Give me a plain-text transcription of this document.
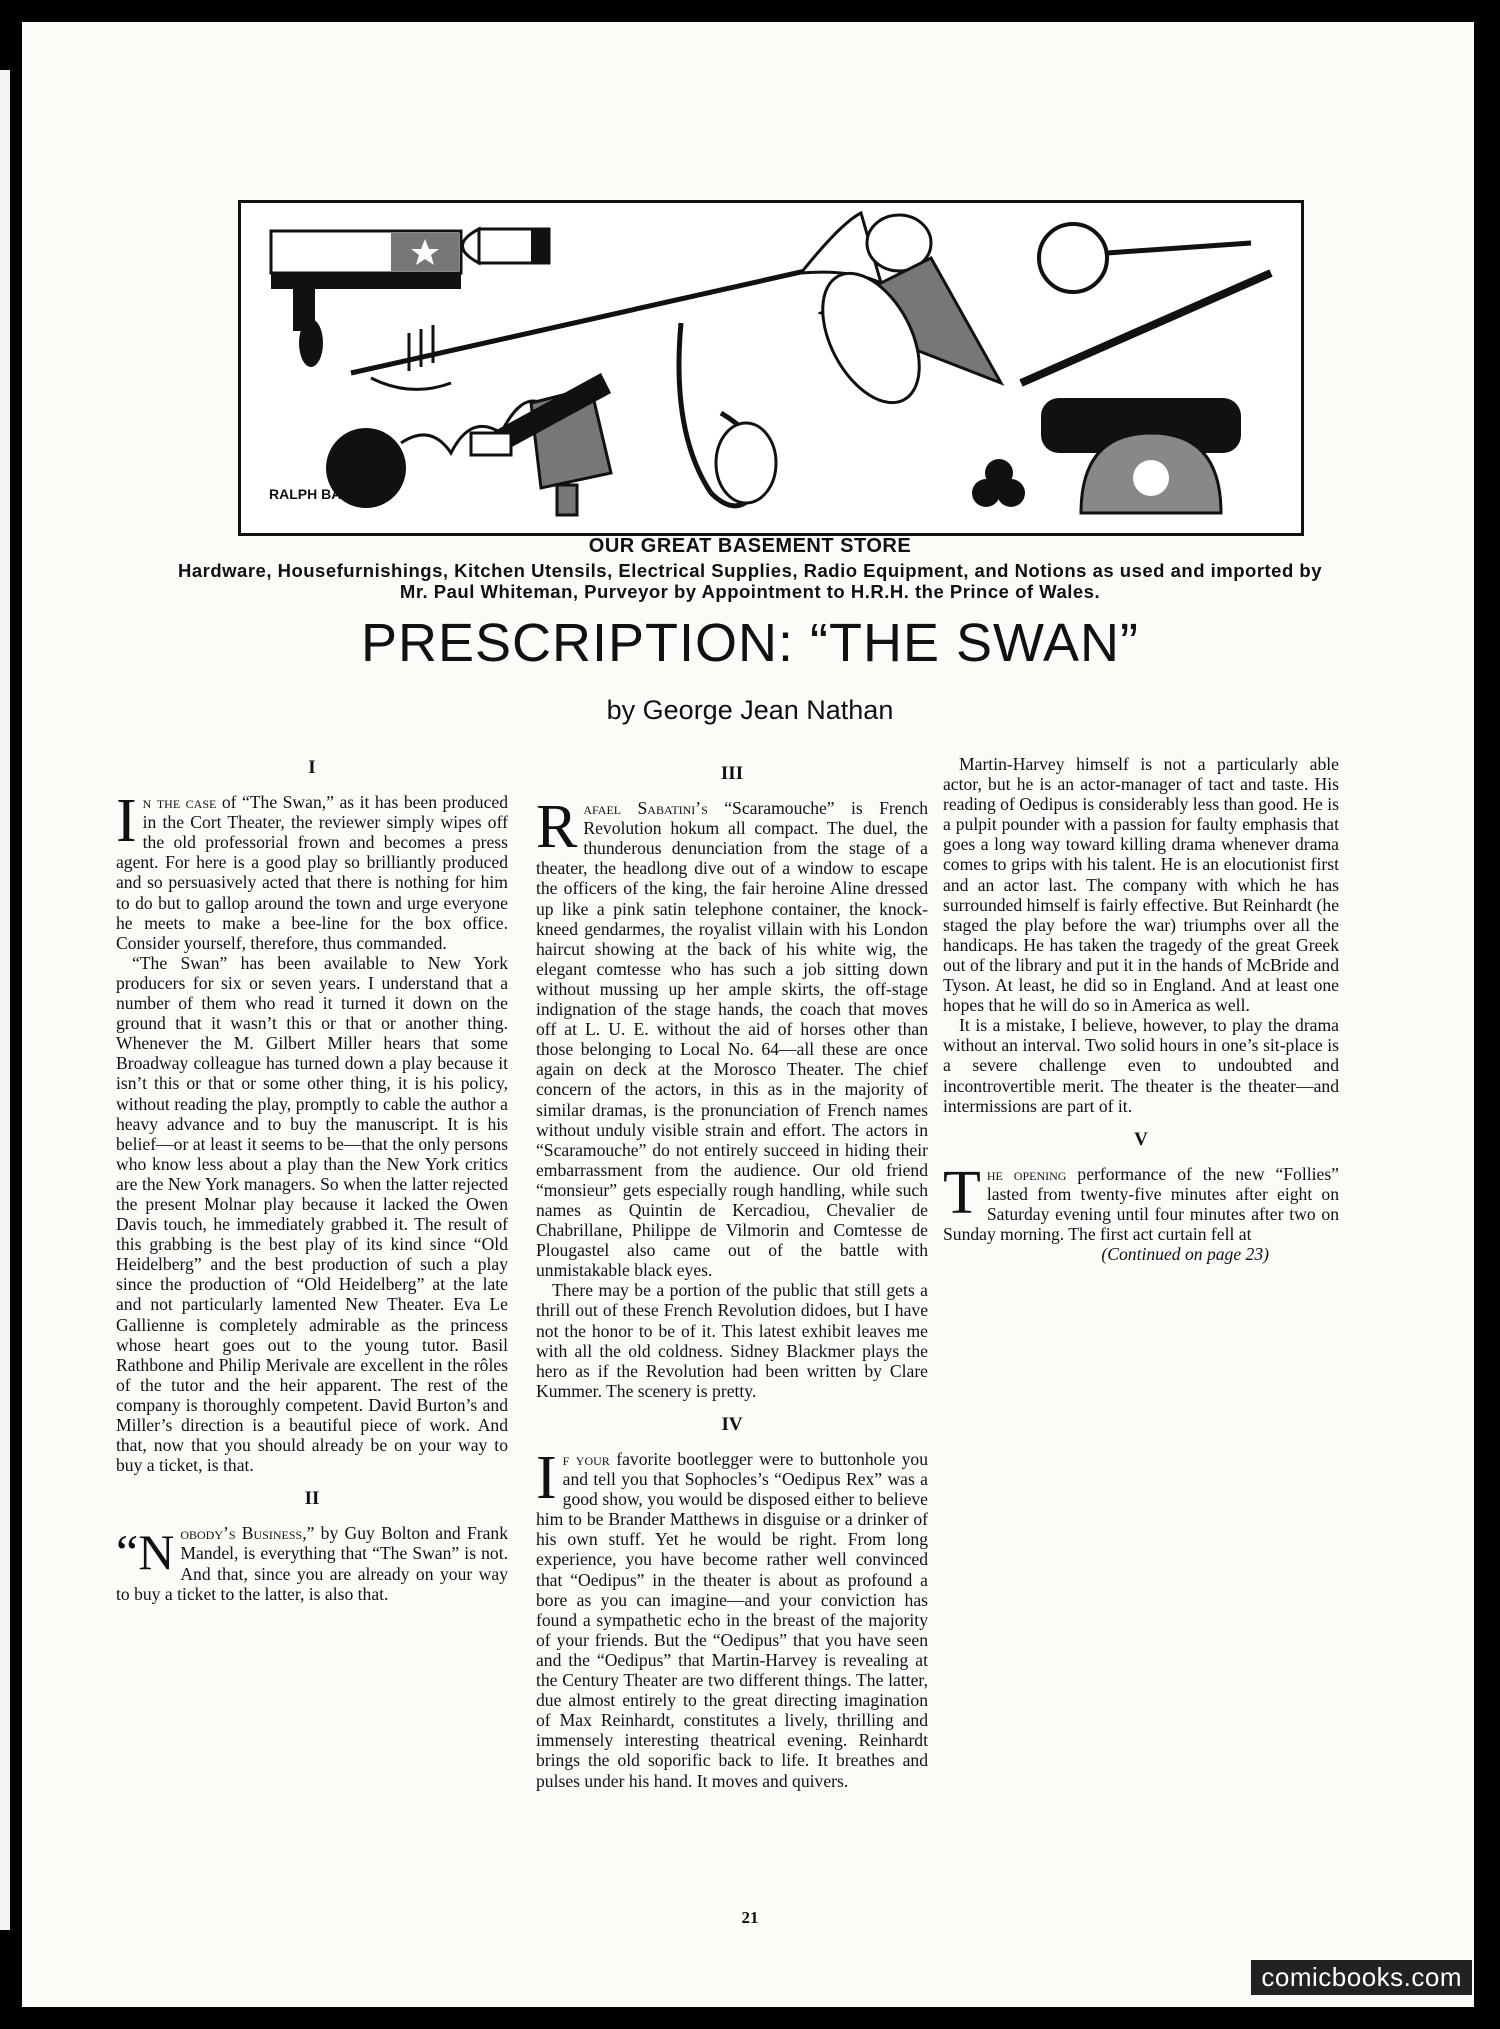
RALPH BARTON
OUR GREAT BASEMENT STORE
Hardware, Housefurnishings, Kitchen Utensils, Electrical Supplies, Radio Equipment, and Notions as used and imported by Mr. Paul Whiteman, Purveyor by Appointment to H.R.H. the Prince of Wales.
PRESCRIPTION: “THE SWAN”
by George Jean Nathan
I

In the case of “The Swan,” as it has been produced in the Cort Theater, the reviewer simply wipes off the old professorial frown and becomes a press agent. For here is a good play so brilliantly produced and so persuasively acted that there is nothing for him to do but to gallop around the town and urge everyone he meets to make a bee-line for the box office. Consider yourself, therefore, thus commanded.

“The Swan” has been available to New York producers for six or seven years. I understand that a number of them who read it turned it down on the ground that it wasn’t this or that or another thing. Whenever the M. Gilbert Miller hears that some Broadway colleague has turned down a play because it isn’t this or that or some other thing, it is his policy, without reading the play, promptly to cable the author a heavy advance and to buy the manuscript. It is his belief—or at least it seems to be—that the only persons who know less about a play than the New York critics are the New York managers. So when the latter rejected the present Molnar play because it lacked the Owen Davis touch, he immediately grabbed it. The result of this grabbing is the best play of its kind since “Old Heidelberg” and the best production of such a play since the production of “Old Heidelberg” at the late and not particularly lamented New Theater. Eva Le Gallienne is completely admirable as the princess whose heart goes out to the young tutor. Basil Rathbone and Philip Merivale are excellent in the rôles of the tutor and the heir apparent. The rest of the company is thoroughly competent. David Burton’s and Miller’s direction is a beautiful piece of work. And that, now that you should already be on your way to buy a ticket, is that.

II

“Nobody’s Business,” by Guy Bolton and Frank Mandel, is everything that “The Swan” is not. And that, since you are already on your way to buy a ticket to the latter, is also that.

III

Rafael Sabatini’s “Scaramouche” is French Revolution hokum all compact. The duel, the thunderous denunciation from the stage of a theater, the headlong dive out of a window to escape the officers of the king, the fair heroine Aline dressed up like a pink satin telephone container, the knock-kneed gendarmes, the royalist villain with his London haircut showing at the back of his white wig, the elegant comtesse who has such a job sitting down without mussing up her ample skirts, the off-stage indignation of the stage hands, the coach that moves off at L. U. E. without the aid of horses other than those belonging to Local No. 64—all these are once again on deck at the Morosco Theater. The chief concern of the actors, in this as in the majority of similar dramas, is the pronunciation of French names without unduly visible strain and effort. The actors in “Scaramouche” do not entirely succeed in hiding their embarrassment from the audience. Our old friend “monsieur” gets especially rough handling, while such names as Quintin de Kercadiou, Chevalier de Chabrillane, Philippe de Vilmorin and Comtesse de Plougastel also came out of the battle with unmistakable black eyes.

There may be a portion of the public that still gets a thrill out of these French Revolution didoes, but I have not the honor to be of it. This latest exhibit leaves me with all the old coldness. Sidney Blackmer plays the hero as if the Revolution had been written by Clare Kummer. The scenery is pretty.

IV

If your favorite bootlegger were to buttonhole you and tell you that Sophocles’s “Oedipus Rex” was a good show, you would be disposed either to believe him to be Brander Matthews in disguise or a drinker of his own stuff. Yet he would be right. From long experience, you have become rather well convinced that “Oedipus” in the theater is about as profound a bore as you can imagine—and your conviction has found a sympathetic echo in the breast of the majority of your friends. But the “Oedipus” that you have seen and the “Oedipus” that Martin-Harvey is revealing at the Century Theater are two different things. The latter, due almost entirely to the great directing imagination of Max Reinhardt, constitutes a lively, thrilling and immensely interesting theatrical evening. Reinhardt brings the old soporific back to life. It breathes and pulses under his hand. It moves and quivers.

Martin-Harvey himself is not a particularly able actor, but he is an actor-manager of tact and taste. His reading of Oedipus is considerably less than good. He is a pulpit pounder with a passion for faulty emphasis that goes a long way toward killing drama whenever drama comes to grips with his talent. He is an elocutionist first and an actor last. The company with which he has surrounded himself is fairly effective. But Reinhardt (he staged the play before the war) triumphs over all the handicaps. He has taken the tragedy of the great Greek out of the library and put it in the hands of McBride and Tyson. At least, he did so in England. And at least one hopes that he will do so in America as well.

It is a mistake, I believe, however, to play the drama without an interval. Two solid hours in one’s sit-place is a severe challenge even to undoubted and incontrovertible merit. The theater is the theater—and intermissions are part of it.

V

The opening performance of the new “Follies” lasted from twenty-five minutes after eight on Saturday evening until four minutes after two on Sunday morning. The first act curtain fell at

(Continued on page 23)
21
comicbooks.com
